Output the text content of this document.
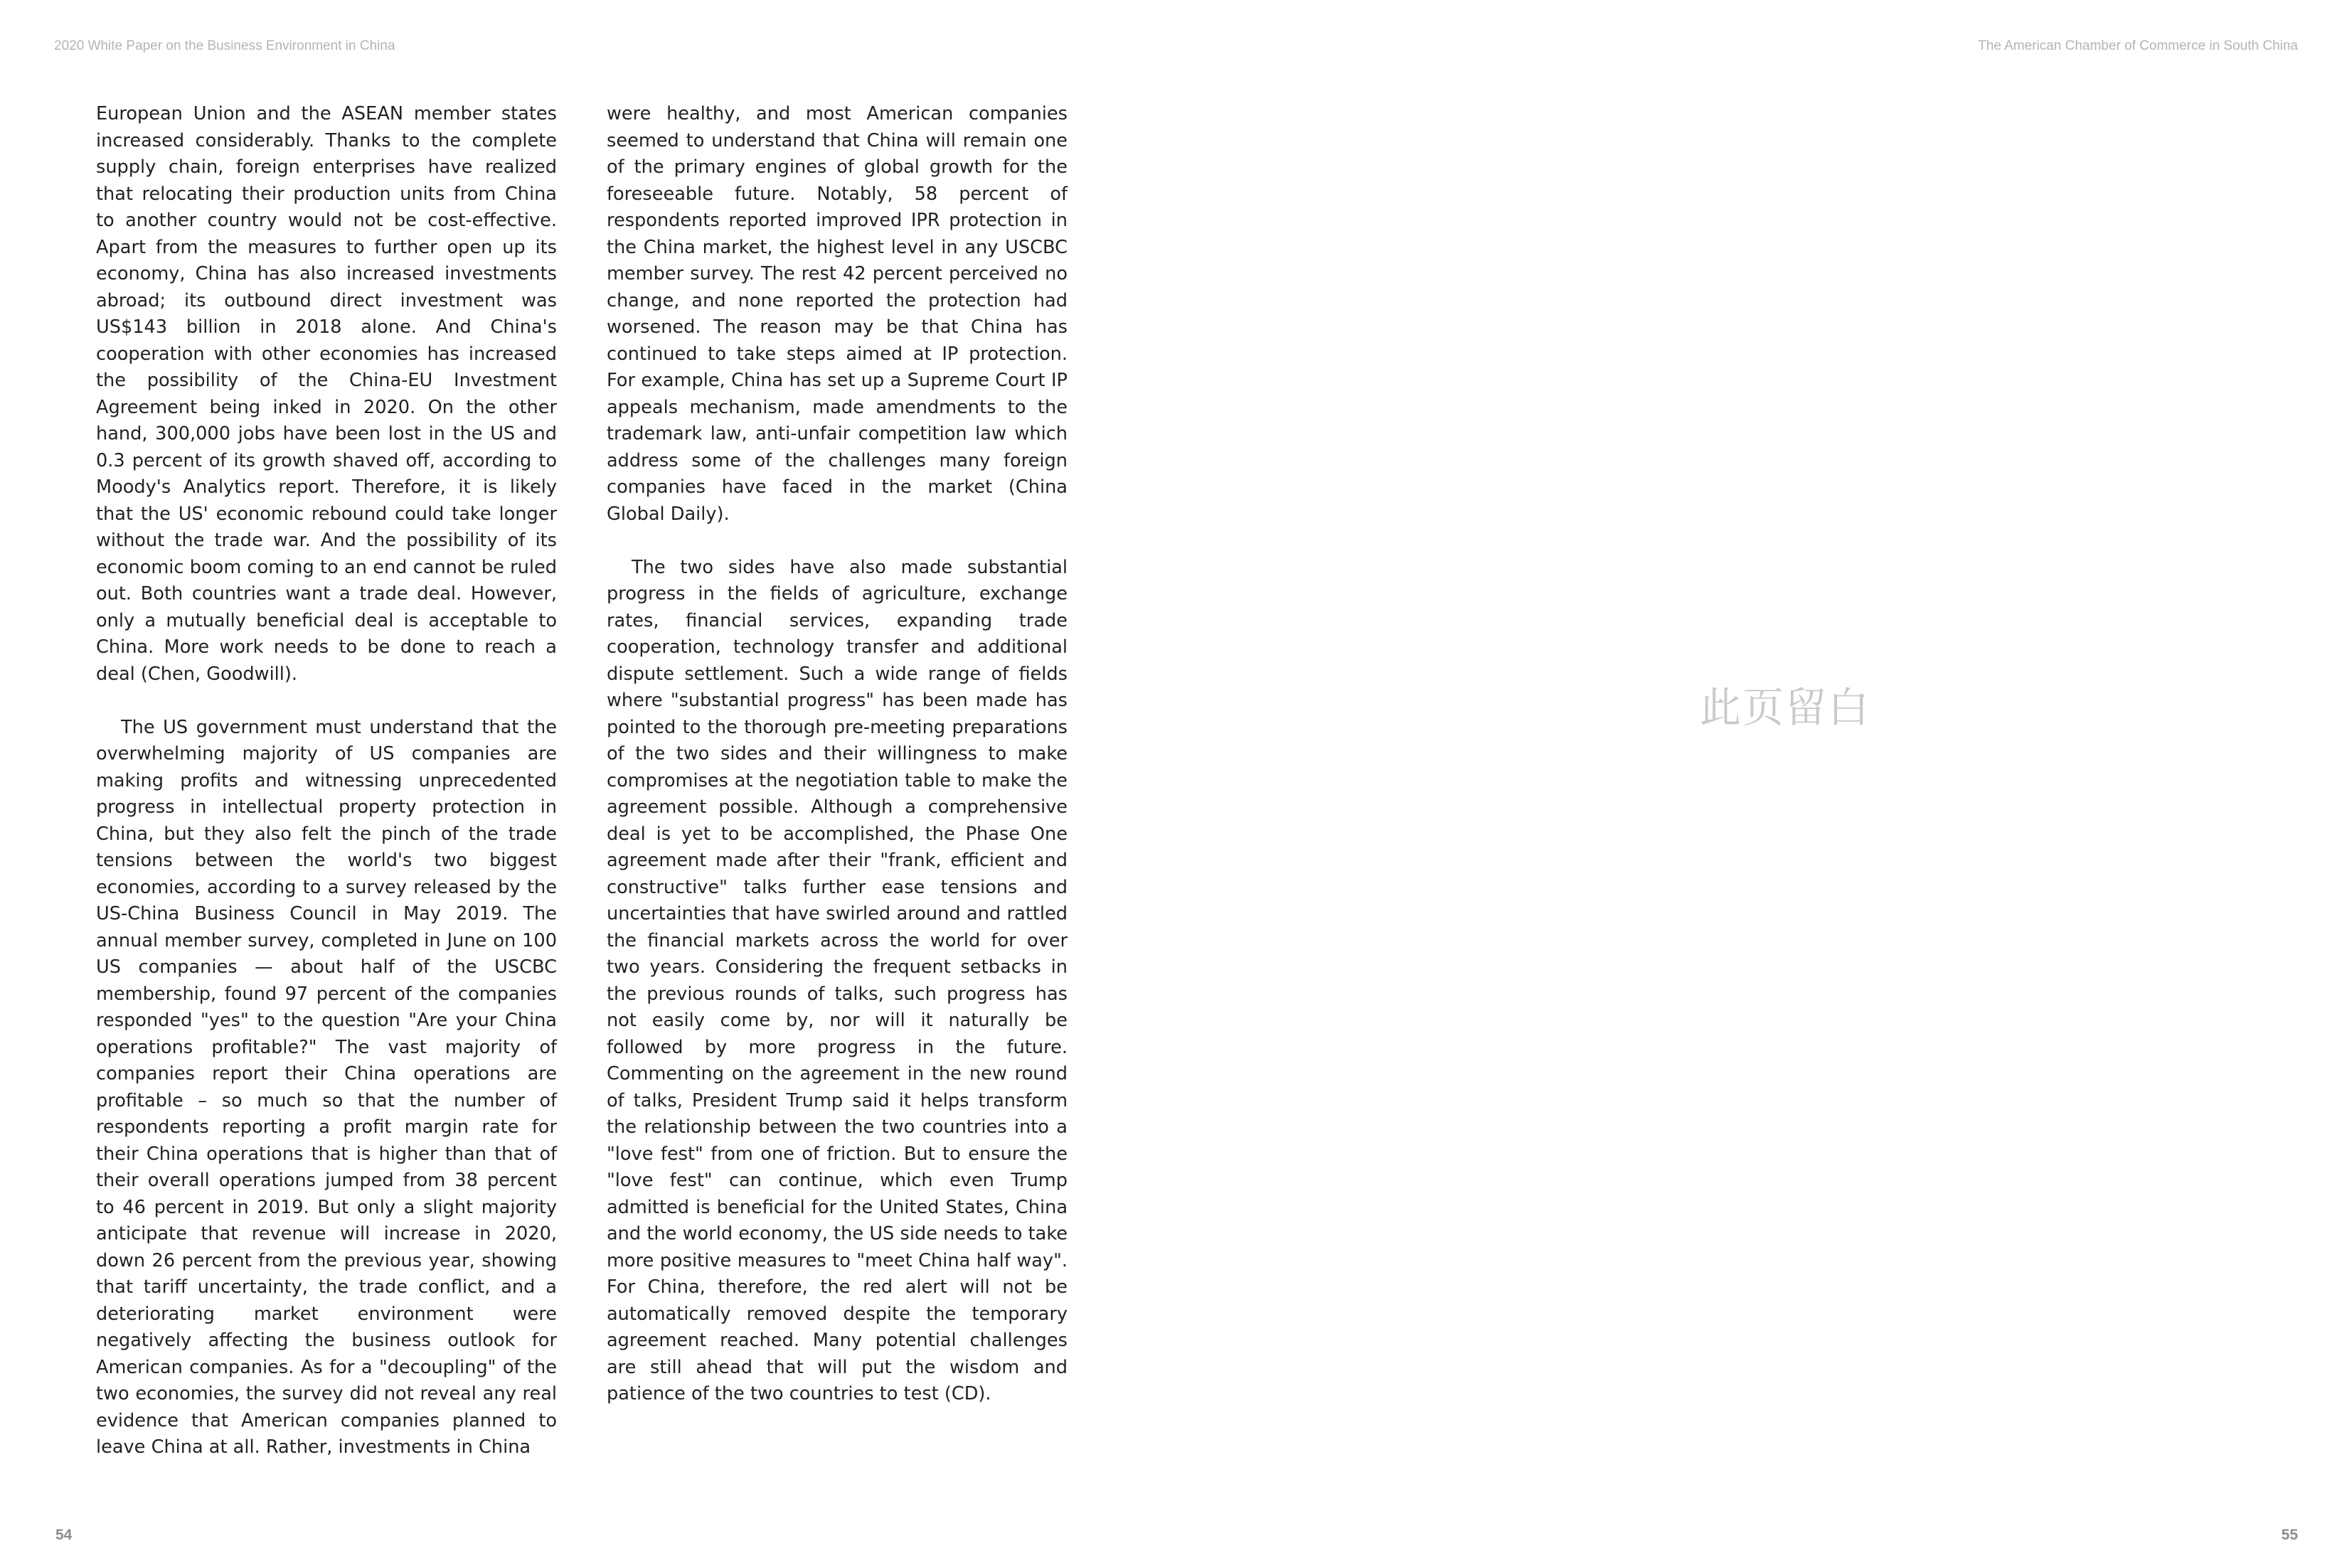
2020 White Paper on the Business Environment in China	The American Chamber of Commerce in South China

European Union and the ASEAN member states increased considerably. Thanks to the complete supply chain, foreign enterprises have realized that relocating their production units from China to another country would not be cost-effective. Apart from the measures to further open up its economy, China has also increased investments abroad; its outbound direct investment was US$143 billion in 2018 alone. And China's cooperation with other economies has increased the possibility of the China-EU Investment Agreement being inked in 2020. On the other hand, 300,000 jobs have been lost in the US and 0.3 percent of its growth shaved off, according to Moody's Analytics report. Therefore, it is likely that the US' economic rebound could take longer without the trade war. And the possibility of its economic boom coming to an end cannot be ruled out. Both countries want a trade deal. However, only a mutually beneficial deal is acceptable to China. More work needs to be done to reach a deal (Chen, Goodwill).

The US government must understand that the overwhelming majority of US companies are making profits and witnessing unprecedented progress in intellectual property protection in China, but they also felt the pinch of the trade tensions between the world's two biggest economies, according to a survey released by the US-China Business Council in May 2019. The annual member survey, completed in June on 100 US companies — about half of the USCBC membership, found 97 percent of the companies responded "yes" to the question "Are your China operations profitable?" The vast majority of companies report their China operations are profitable – so much so that the number of respondents reporting a profit margin rate for their China operations that is higher than that of their overall operations jumped from 38 percent to 46 percent in 2019. But only a slight majority anticipate that revenue will increase in 2020, down 26 percent from the previous year, showing that tariff uncertainty, the trade conflict, and a deteriorating market environment were negatively affecting the business outlook for American companies. As for a "decoupling" of the two economies, the survey did not reveal any real evidence that American companies planned to leave China at all. Rather, investments in China

were healthy, and most American companies seemed to understand that China will remain one of the primary engines of global growth for the foreseeable future. Notably, 58 percent of respondents reported improved IPR protection in the China market, the highest level in any USCBC member survey. The rest 42 percent perceived no change, and none reported the protection had worsened. The reason may be that China has continued to take steps aimed at IP protection. For example, China has set up a Supreme Court IP appeals mechanism, made amendments to the trademark law, anti-unfair competition law which address some of the challenges many foreign companies have faced in the market (China Global Daily).

The two sides have also made substantial progress in the fields of agriculture, exchange rates, financial services, expanding trade cooperation, technology transfer and additional dispute settlement. Such a wide range of fields where "substantial progress" has been made has pointed to the thorough pre-meeting preparations of the two sides and their willingness to make compromises at the negotiation table to make the agreement possible. Although a comprehensive deal is yet to be accomplished, the Phase One agreement made after their "frank, efficient and constructive" talks further ease tensions and uncertainties that have swirled around and rattled the financial markets across the world for over two years. Considering the frequent setbacks in the previous rounds of talks, such progress has not easily come by, nor will it naturally be followed by more progress in the future. Commenting on the agreement in the new round of talks, President Trump said it helps transform the relationship between the two countries into a "love fest" from one of friction. But to ensure the "love fest" can continue, which even Trump admitted is beneficial for the United States, China and the world economy, the US side needs to take more positive measures to "meet China half way". For China, therefore, the red alert will not be automatically removed despite the temporary agreement reached. Many potential challenges are still ahead that will put the wisdom and patience of the two countries to test (CD).

此页留白
54	55
